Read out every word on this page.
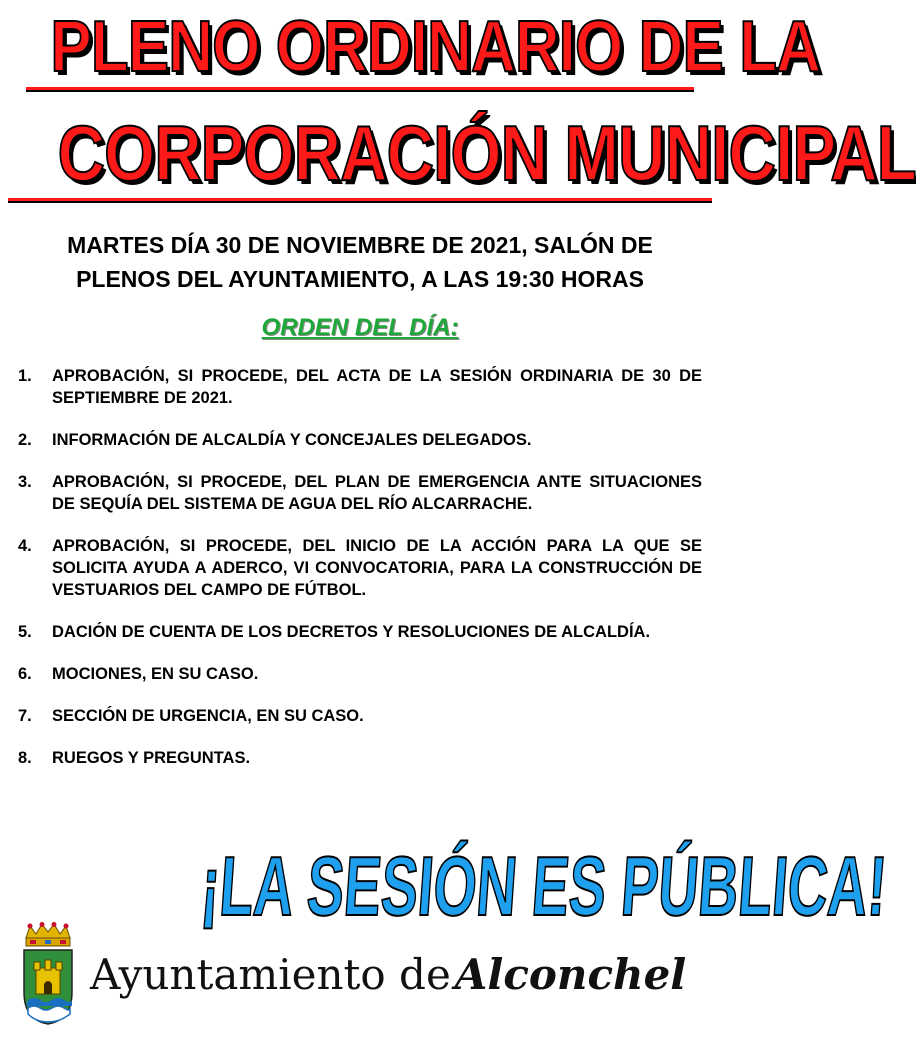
PLENO ORDINARIO DE LA
CORPORACIÓN MUNICIPAL
MARTES DÍA 30 DE NOVIEMBRE DE 2021, SALÓN DE
PLENOS DEL AYUNTAMIENTO, A LAS 19:30 HORAS
ORDEN DEL DÍA:
1.	APROBACIÓN, SI PROCEDE, DEL ACTA DE LA SESIÓN ORDINARIA DE 30 DE SEPTIEMBRE DE 2021.
2.	INFORMACIÓN DE ALCALDÍA Y CONCEJALES DELEGADOS.
3.	APROBACIÓN, SI PROCEDE, DEL PLAN DE EMERGENCIA ANTE SITUACIONES DE SEQUÍA DEL SISTEMA DE AGUA DEL RÍO ALCARRACHE.
4.	APROBACIÓN, SI PROCEDE, DEL INICIO DE LA ACCIÓN PARA LA QUE SE SOLICITA AYUDA A ADERCO, VI CONVOCATORIA, PARA LA CONSTRUCCIÓN DE VESTUARIOS DEL CAMPO DE FÚTBOL.
5.	DACIÓN DE CUENTA DE LOS DECRETOS Y RESOLUCIONES DE ALCALDÍA.
6.	MOCIONES, EN SU CASO.
7.	SECCIÓN DE URGENCIA, EN SU CASO.
8.	RUEGOS Y PREGUNTAS.
¡LA SESIÓN ES PÚBLICA!
Ayuntamiento deAlconchel
